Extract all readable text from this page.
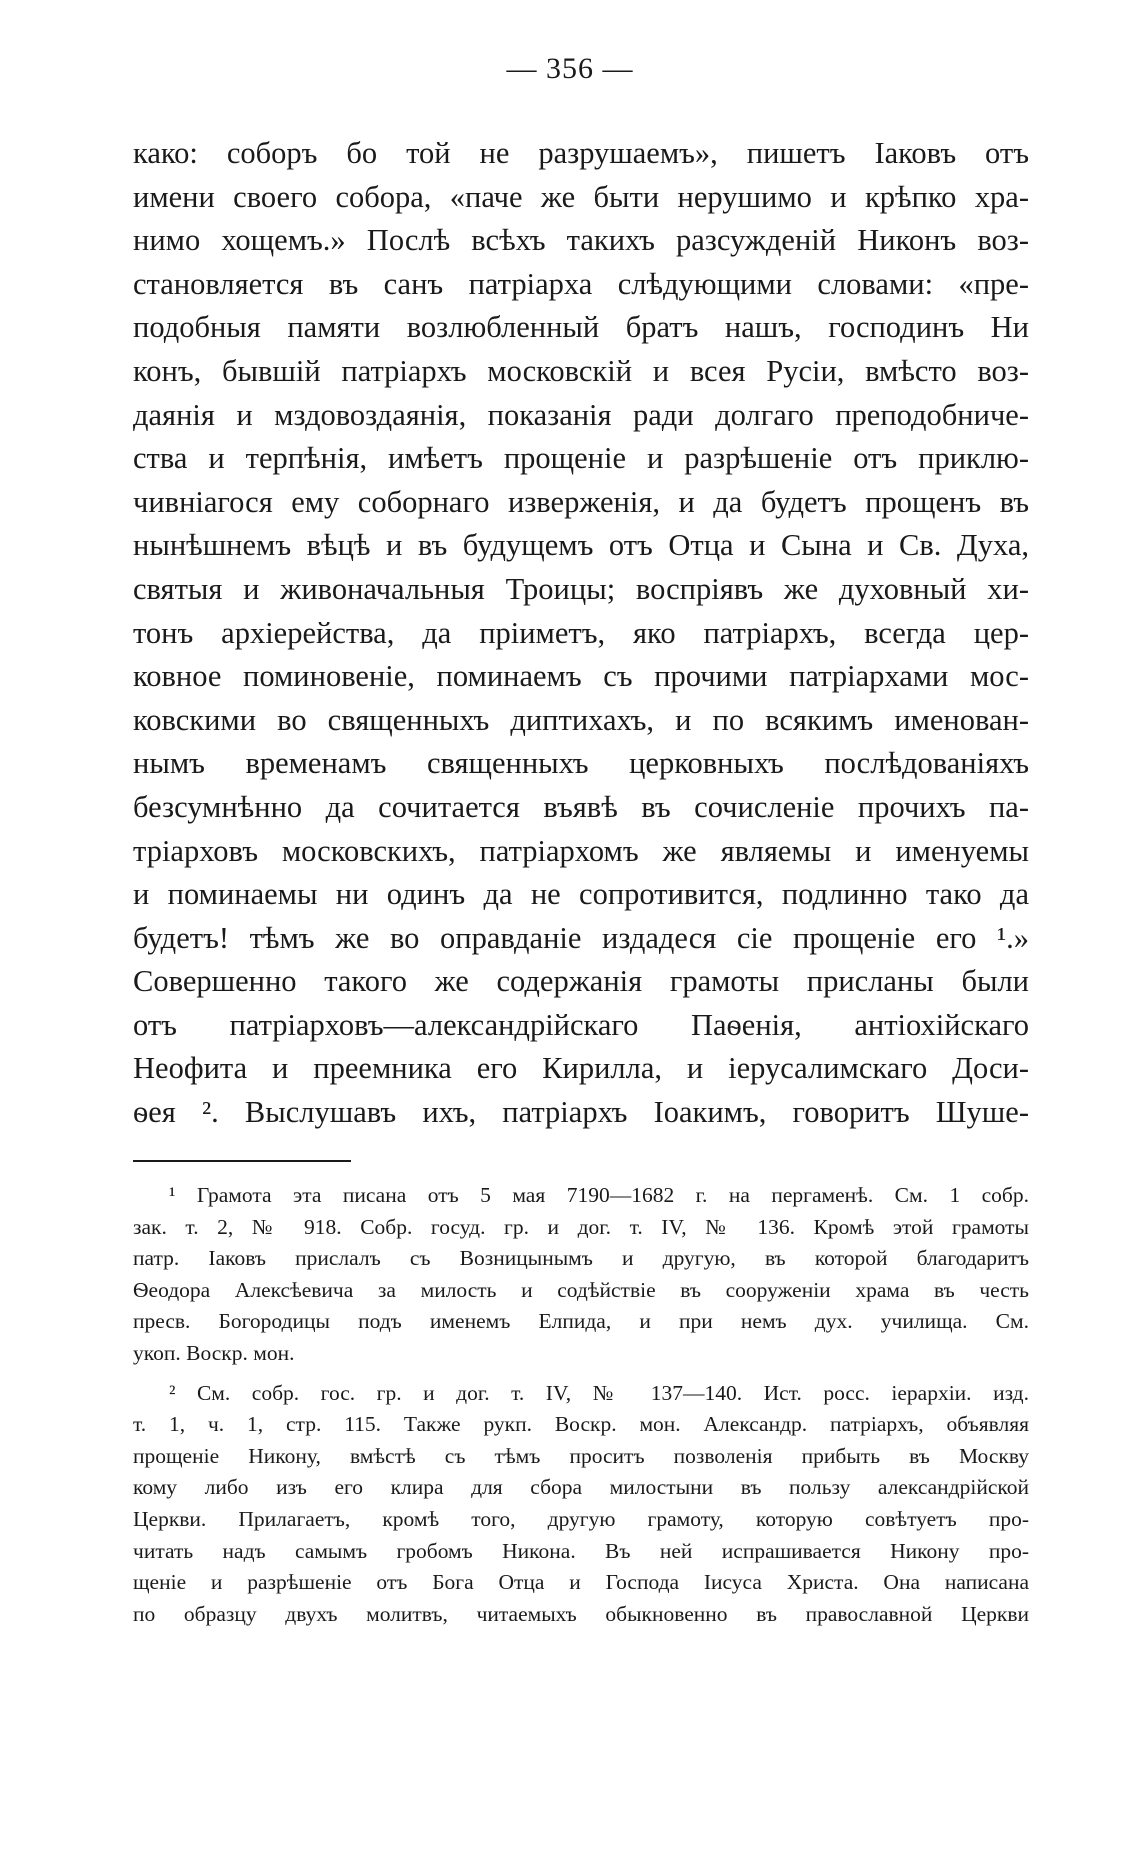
— 356 —
како: соборъ бо той не разрушаемъ», пишетъ Іаковъ отъ
имени своего собора, «паче же быти нерушимо и крѣпко хра-
нимо хощемъ.» Послѣ всѣхъ такихъ разсужденій Никонъ воз-
становляется въ санъ патріарха слѣдующими словами: «пре-
подобныя памяти возлюбленный братъ нашъ, господинъ Ни
конъ, бывшій патріархъ московскій и всея Русіи, вмѣсто воз-
даянія и мздовоздаянія, показанія ради долгаго преподобниче-
ства и терпѣнія, имѣетъ прощеніе и разрѣшеніе отъ приклю-
чивнiагося ему соборнаго изверженія, и да будетъ прощенъ въ
нынѣшнемъ вѣцѣ и въ будущемъ отъ Отца и Сына и Св. Духа,
святыя и живоначальныя Троицы; воспріявъ же духовный хи-
тонъ архіерейства, да пріиметъ, яко патріархъ, всегда цер-
ковное поминовеніе, поминаемъ съ прочими патріархами мос-
ковскими во священныхъ диптихахъ, и по всякимъ именован-
нымъ временамъ священныхъ церковныхъ послѣдованіяхъ
безсумнѣнно да сочитается въявѣ въ сочисленіе прочихъ па-
тріарховъ московскихъ, патріархомъ же являемы и именуемы
и поминаемы ни одинъ да не сопротивится, подлинно тако да
будетъ! тѣмъ же во оправданіе издадеся сіе прощеніе его ¹.»
Совершенно такого же содержанія грамоты присланы были
отъ патріарховъ—александрійскаго Паѳенія, антіохійскаго
Неофита и преемника его Кирилла, и іерусалимскаго Доси-
ѳея ². Выслушавъ ихъ, патріархъ Іоакимъ, говоритъ Шуше-
¹ Грамота эта писана отъ 5 мая 7190—1682 г. на пергаменѣ. См. 1 собр.
зак. т. 2, № 918. Собр. госуд. гр. и дог. т. IV, № 136. Кромѣ этой грамоты
патр. Іаковъ прислалъ съ Возницынымъ и другую, въ которой благодаритъ
Ѳеодора Алексѣевича за милость и содѣйствіе въ сооруженіи храма въ честь
пресв. Богородицы подъ именемъ Елпида, и при немъ дух. училища. См.
укоп. Воскр. мон.
² См. собр. гос. гр. и дог. т. IV, № 137—140. Ист. росс. іерархіи. изд.
т. 1, ч. 1, стр. 115. Также рукп. Воскр. мон. Александр. патріархъ, объявляя
прощеніе Никону, вмѣстѣ съ тѣмъ проситъ позволенія прибыть въ Москву
кому либо изъ его клира для сбора милостыни въ пользу александрійской
Церкви. Прилагаетъ, кромѣ того, другую грамоту, которую совѣтуетъ про-
читать надъ самымъ гробомъ Никона. Въ ней испрашивается Никону про-
щеніе и разрѣшеніе отъ Бога Отца и Господа Іисуса Христа. Она написана
по образцу двухъ молитвъ, читаемыхъ обыкновенно въ православной Церкви
